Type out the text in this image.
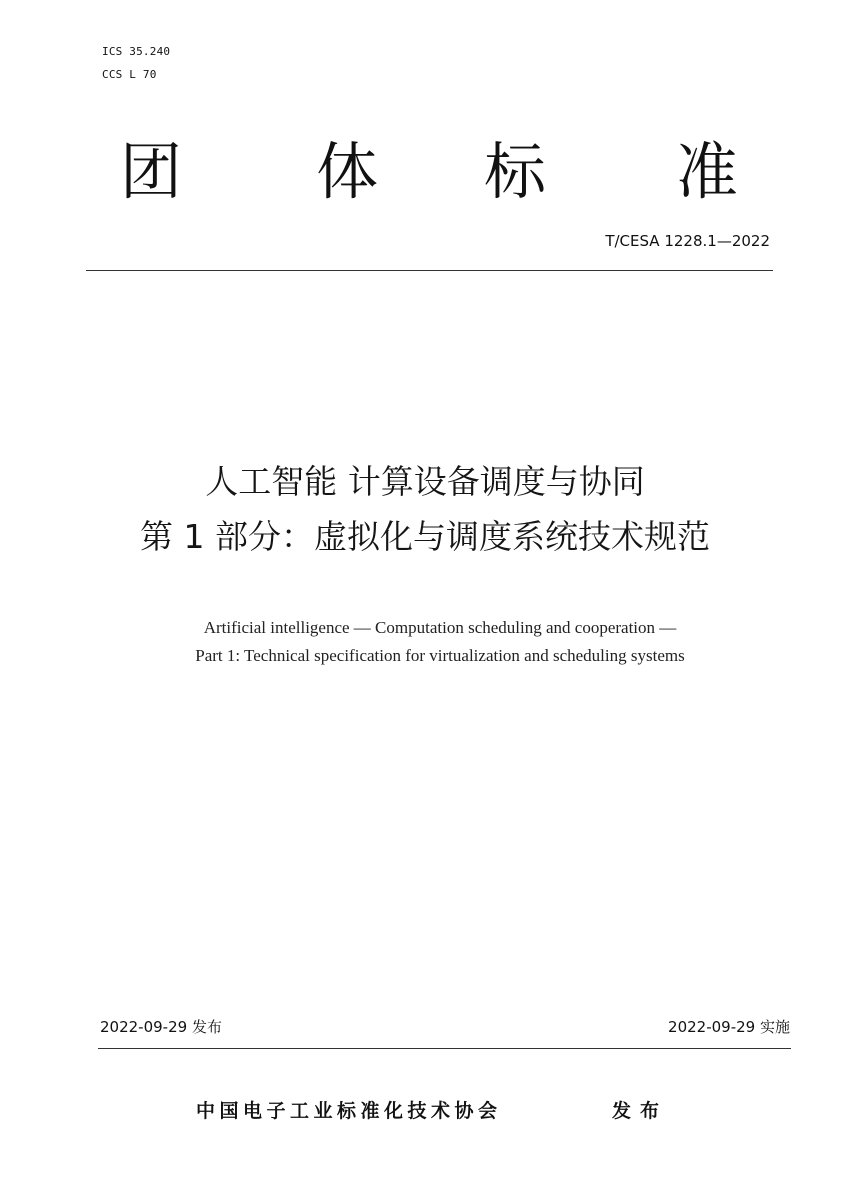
ICS 35.240
CCS L 70
团 体 标 准
T/CESA 1228.1—2022
人工智能 计算设备调度与协同
第 1 部分：虚拟化与调度系统技术规范
Artificial intelligence — Computation scheduling and cooperation —
Part 1: Technical specification for virtualization and scheduling systems
2022-09-29 发布	2022-09-29 实施
中国电子工业标准化技术协会	发布
